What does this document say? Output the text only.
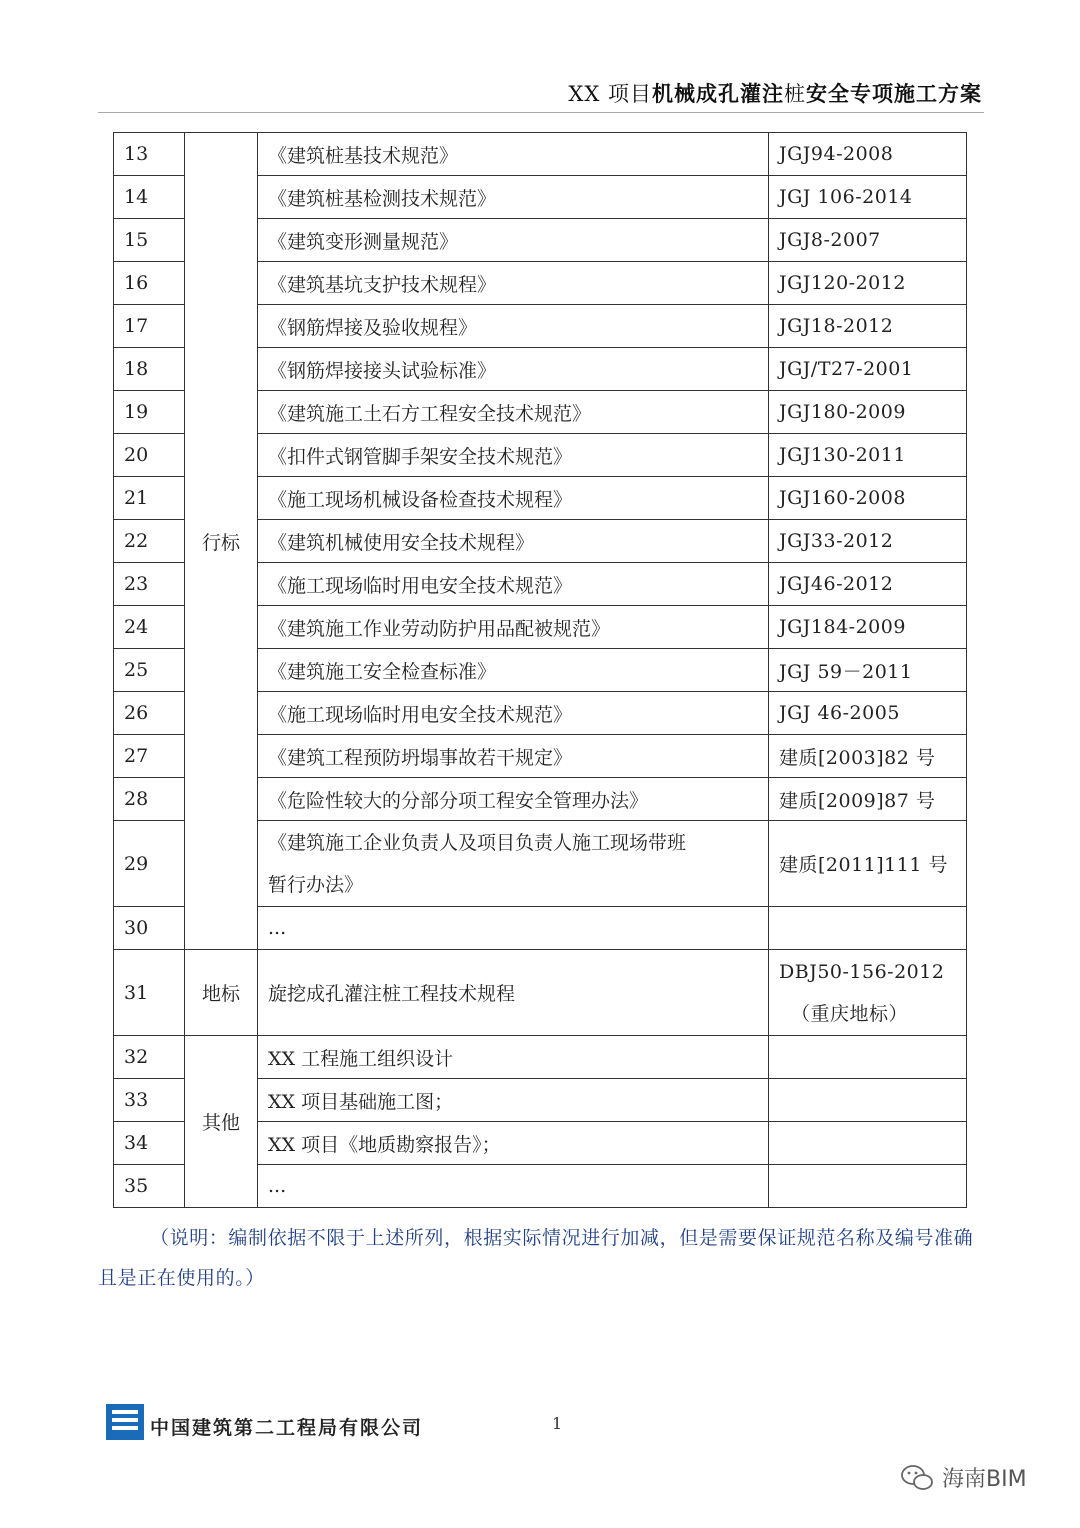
XX 项目机械成孔灌注桩安全专项施工方案
13	行标	《建筑桩基技术规范》	JGJ94-2008
14		《建筑桩基检测技术规范》	JGJ 106-2014
15		《建筑变形测量规范》	JGJ8-2007
16		《建筑基坑支护技术规程》	JGJ120-2012
17		《钢筋焊接及验收规程》	JGJ18-2012
18		《钢筋焊接接头试验标准》	JGJ/T27-2001
19		《建筑施工土石方工程安全技术规范》	JGJ180-2009
20		《扣件式钢管脚手架安全技术规范》	JGJ130-2011
21		《施工现场机械设备检查技术规程》	JGJ160-2008
22		《建筑机械使用安全技术规程》	JGJ33-2012
23		《施工现场临时用电安全技术规范》	JGJ46-2012
24		《建筑施工作业劳动防护用品配被规范》	JGJ184-2009
25		《建筑施工安全检查标准》	JGJ 59－2011
26		《施工现场临时用电安全技术规范》	JGJ 46-2005
27		《建筑工程预防坍塌事故若干规定》	建质[2003]82 号
28		《危险性较大的分部分项工程安全管理办法》	建质[2009]87 号
29		《建筑施工企业负责人及项目负责人施工现场带班
暂行办法》	建质[2011]111 号
30		...	
31	地标	旋挖成孔灌注桩工程技术规程	DBJ50-156-2012
（重庆地标）

32	其他	XX 工程施工组织设计	
33		XX 项目基础施工图；	
34		XX 项目《地质勘察报告》；	
35		...	
（说明：编制依据不限于上述所列，根据实际情况进行加减，但是需要保证规范名称及编号准确且是正在使用的。）
中国建筑第二工程局有限公司	1
海南BIM
